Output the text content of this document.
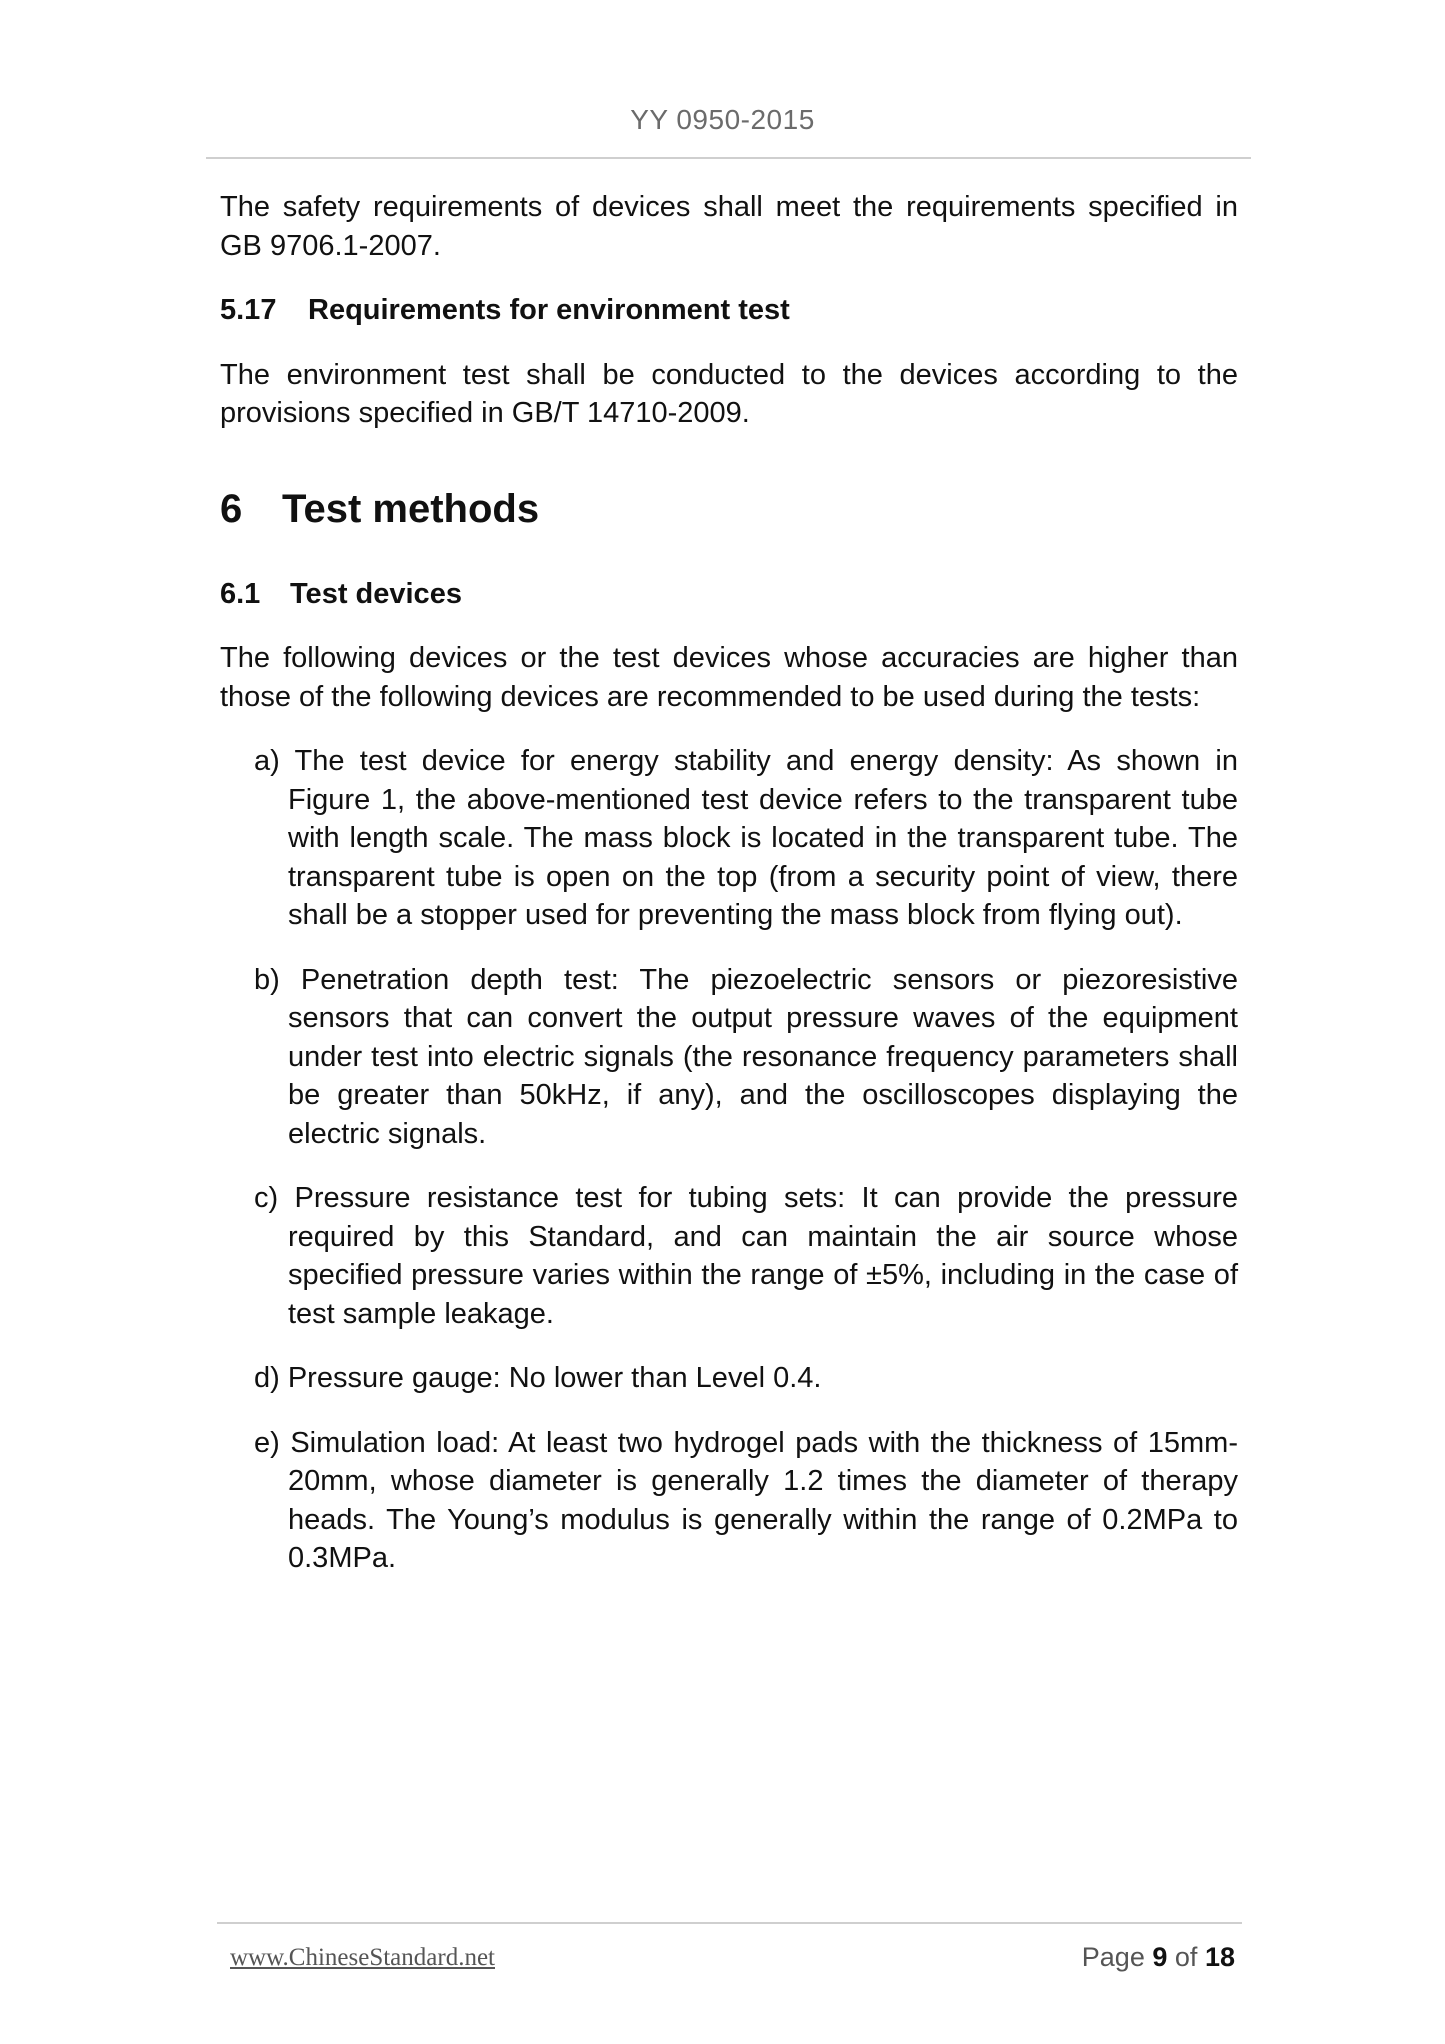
YY 0950-2015

The safety requirements of devices shall meet the requirements specified in GB 9706.1-2007.

5.17	Requirements for environment test

The environment test shall be conducted to the devices according to the provisions specified in GB/T 14710-2009.

6 Test methods
6.1	Test devices

The following devices or the test devices whose accuracies are higher than those of the following devices are recommended to be used during the tests:

a) The test device for energy stability and energy density: As shown in Figure 1, the above-mentioned test device refers to the transparent tube with length scale. The mass block is located in the transparent tube. The transparent tube is open on the top (from a security point of view, there shall be a stopper used for preventing the mass block from flying out).
b) Penetration depth test: The piezoelectric sensors or piezoresistive sensors that can convert the output pressure waves of the equipment under test into electric signals (the resonance frequency parameters shall be greater than 50kHz, if any), and the oscilloscopes displaying the electric signals.
c) Pressure resistance test for tubing sets: It can provide the pressure required by this Standard, and can maintain the air source whose specified pressure varies within the range of ±5%, including in the case of test sample leakage.
d) Pressure gauge: No lower than Level 0.4.
e) Simulation load: At least two hydrogel pads with the thickness of 15mm-20mm, whose diameter is generally 1.2 times the diameter of therapy heads. The Young’s modulus is generally within the range of 0.2MPa to 0.3MPa.
www.ChineseStandard.net	Page 9 of 18
